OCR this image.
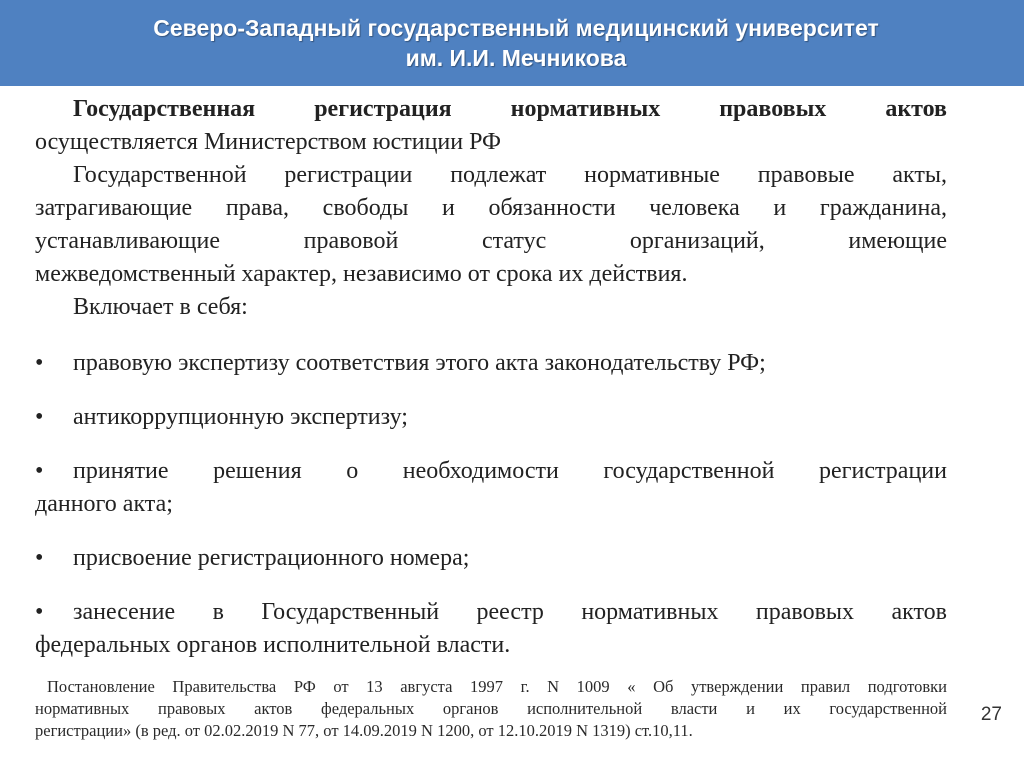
Северо-Западный государственный медицинский университет
им. И.И. Мечникова
Государственная регистрация нормативных правовых актов
осуществляется Министерством юстиции РФ
Государственной регистрации подлежат нормативные правовые акты,
затрагивающие права, свободы и обязанности человека и гражданина,
устанавливающие правовой статус организаций, имеющие
межведомственный характер, независимо от срока их действия.
Включает в себя:
•	правовую экспертизу соответствия этого акта законодательству РФ;
•	антикоррупционную экспертизу;
•	принятие решения о необходимости государственной регистрации
данного акта;
•	присвоение регистрационного номера;
•	занесение в Государственный реестр нормативных правовых актов
федеральных органов исполнительной власти.
Постановление Правительства РФ от 13 августа 1997 г. N 1009 « Об утверждении правил подготовки
нормативных правовых актов федеральных органов исполнительной власти и их государственной
регистрации» (в ред. от 02.02.2019 N 77, от 14.09.2019 N 1200, от 12.10.2019 N 1319) ст.10,11.
27
